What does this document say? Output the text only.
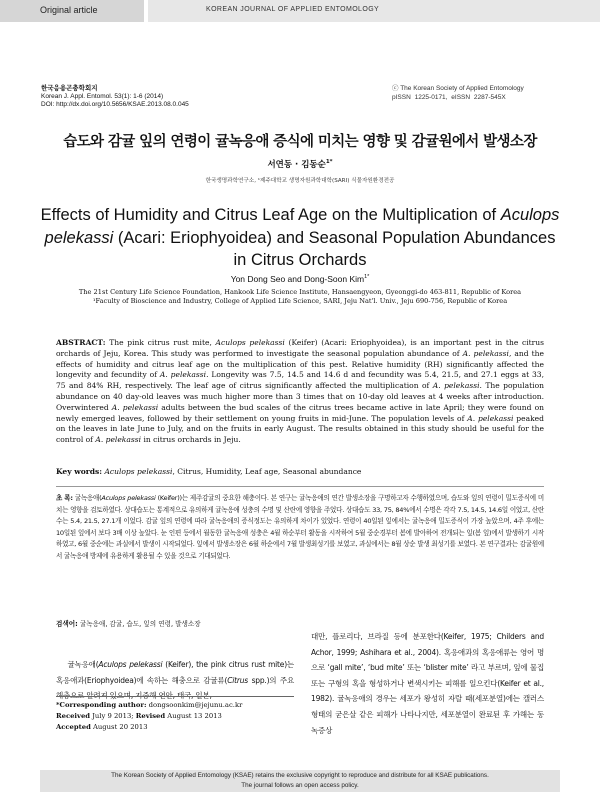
Original article	KOREAN JOURNAL OF APPLIED ENTOMOLOGY
한국응용곤충학회지
Korean J. Appl. Entomol. 53(1): 1-6 (2014)
DOI: http://dx.doi.org/10.5656/KSAE.2013.08.0.045
ⓒ The Korean Society of Applied Entomology
pISSN 1225-0171, eISSN 2287-545X
습도와 감귤 잎의 연령이 귤녹응애 증식에 미치는 영향 및 감귤원에서 발생소장
서연동 · 김동순$^{1*}$
한국생명과학연구소, ¹제주대학교 생명자원과학대학(SARI) 식물자원환경전공
Effects of Humidity and Citrus Leaf Age on the Multiplication of Aculops pelekassi (Acari: Eriophyoidea) and Seasonal Population Abundances in Citrus Orchards
Yon Dong Seo and Dong-Soon Kim$^{1*}$
The 21st Century Life Science Foundation, Hankook Life Science Institute, Hansaengyeon, Gyeonggi-do 463-811, Republic of Korea
¹Faculty of Bioscience and Industry, College of Applied Life Science, SARI, Jeju Nat'l. Univ., Jeju 690-756, Republic of Korea
ABSTRACT: The pink citrus rust mite, Aculops pelekassi (Keifer) (Acari: Eriophyoidea), is an important pest in the citrus orchards of Jeju, Korea. This study was performed to investigate the seasonal population abundance of A. pelekassi, and the effects of humidity and citrus leaf age on the multiplication of this pest. Relative humidity (RH) significantly affected the longevity and fecundity of A. pelekassi. Longevity was 7.5, 14.5 and 14.6 d and fecundity was 5.4, 21.5, and 27.1 eggs at 33, 75 and 84% RH, respectively. The leaf age of citrus significantly affected the multiplication of A. pelekassi. The population abundance on 40 day-old leaves was much higher more than 3 times that on 10-day old leaves at 4 weeks after introduction. Overwintered A. pelekassi adults between the bud scales of the citrus trees became active in late April; they were found on newly emerged leaves, followed by their settlement on young fruits in mid-June. The population levels of A. pelekassi peaked on the leaves in late June to July, and on the fruits in early August. The results obtained in this study should be useful for the control of A. pelekassi in citrus orchards in Jeju.
Key words: Aculops pelekassi, Citrus, Humidity, Leaf age, Seasonal abundance
초 록: 귤녹응애(Aculops pelekassi (Keifer))는 제주감귤의 중요한 해충이다. 본 연구는 귤녹응애의 연간 발생소장을 구명하고자 수행하였으며, 습도와 잎의 연령이 밀도증식에 미치는 영향을 검토하였다. 상대습도는 통계적으로 유의하게 귤녹응애 성충의 수명 및 산란에 영향을 주었다. 상대습도 33, 75, 84%에서 수명은 각각 7.5, 14.5, 14.6일 이었고, 산란수는 5.4, 21.5, 27.1개 이었다. 감귤 잎의 연령에 따라 귤녹응애의 증식정도는 유의하게 차이가 있었다. 연령이 40일된 잎에서는 귤녹응애 밀도증식이 가장 높았으며, 4주 후에는 10일된 잎에서 보다 3배 이상 높았다. 눈 인편 등에서 월동한 귤녹응애 성충은 4월 하순부터 활동을 시작하여 5월 중순경부터 봄에 발아하여 전개되는 잎(봄 잎)에서 발생하기 시작하였고, 6월 중순에는 과실에서 발생이 시작되었다. 잎에서 발생소장은 6월 하순에서 7월 발생최성기를 보였고, 과실에서는 8월 상순 발생 최성기를 보였다. 본 연구결과는 감귤원에서 귤녹응애 방제에 유용하게 활용될 수 있을 것으로 기대되었다.
검색어: 귤녹응애, 감귤, 습도, 잎의 연령, 발생소장
귤녹응애(Aculops pelekassi (Keifer), the pink citrus rust mite)는 혹응애과(Eriophyoidea)에 속하는 해충으로 감귤류(Citrus spp.)의 주요
대만, 플로리다, 브라질 등에 분포한다(Keifer, 1975; Childers and Achor, 1999; Ashihara et al., 2004). 혹응애과의 혹응애류는 영어 명으로 ‘gall mite’, ‘bud mite’ 또는 ‘blister mite’ 라고 부르며, 잎에 물집 또는 구형의 혹을 형성하거나 변색시키는 피해를 일으킨다(Keifer et al., 1982). 귤녹응애의 경우는 세포가 왕성히 자랄 때(세포분열)에는 캘러스 형태의 굳은살 같은 피해가 나타나지만, 세포분열이 완료된 후 가해는 동녹증상
*Corresponding author: dongsoonkim@jejunu.ac.kr
Received July 9 2013; Revised August 13 2013
Accepted August 20 2013
The Korean Society of Applied Entomology (KSAE) retains the exclusive copyright to reproduce and distribute for all KSAE publications.
The journal follows an open access policy.
